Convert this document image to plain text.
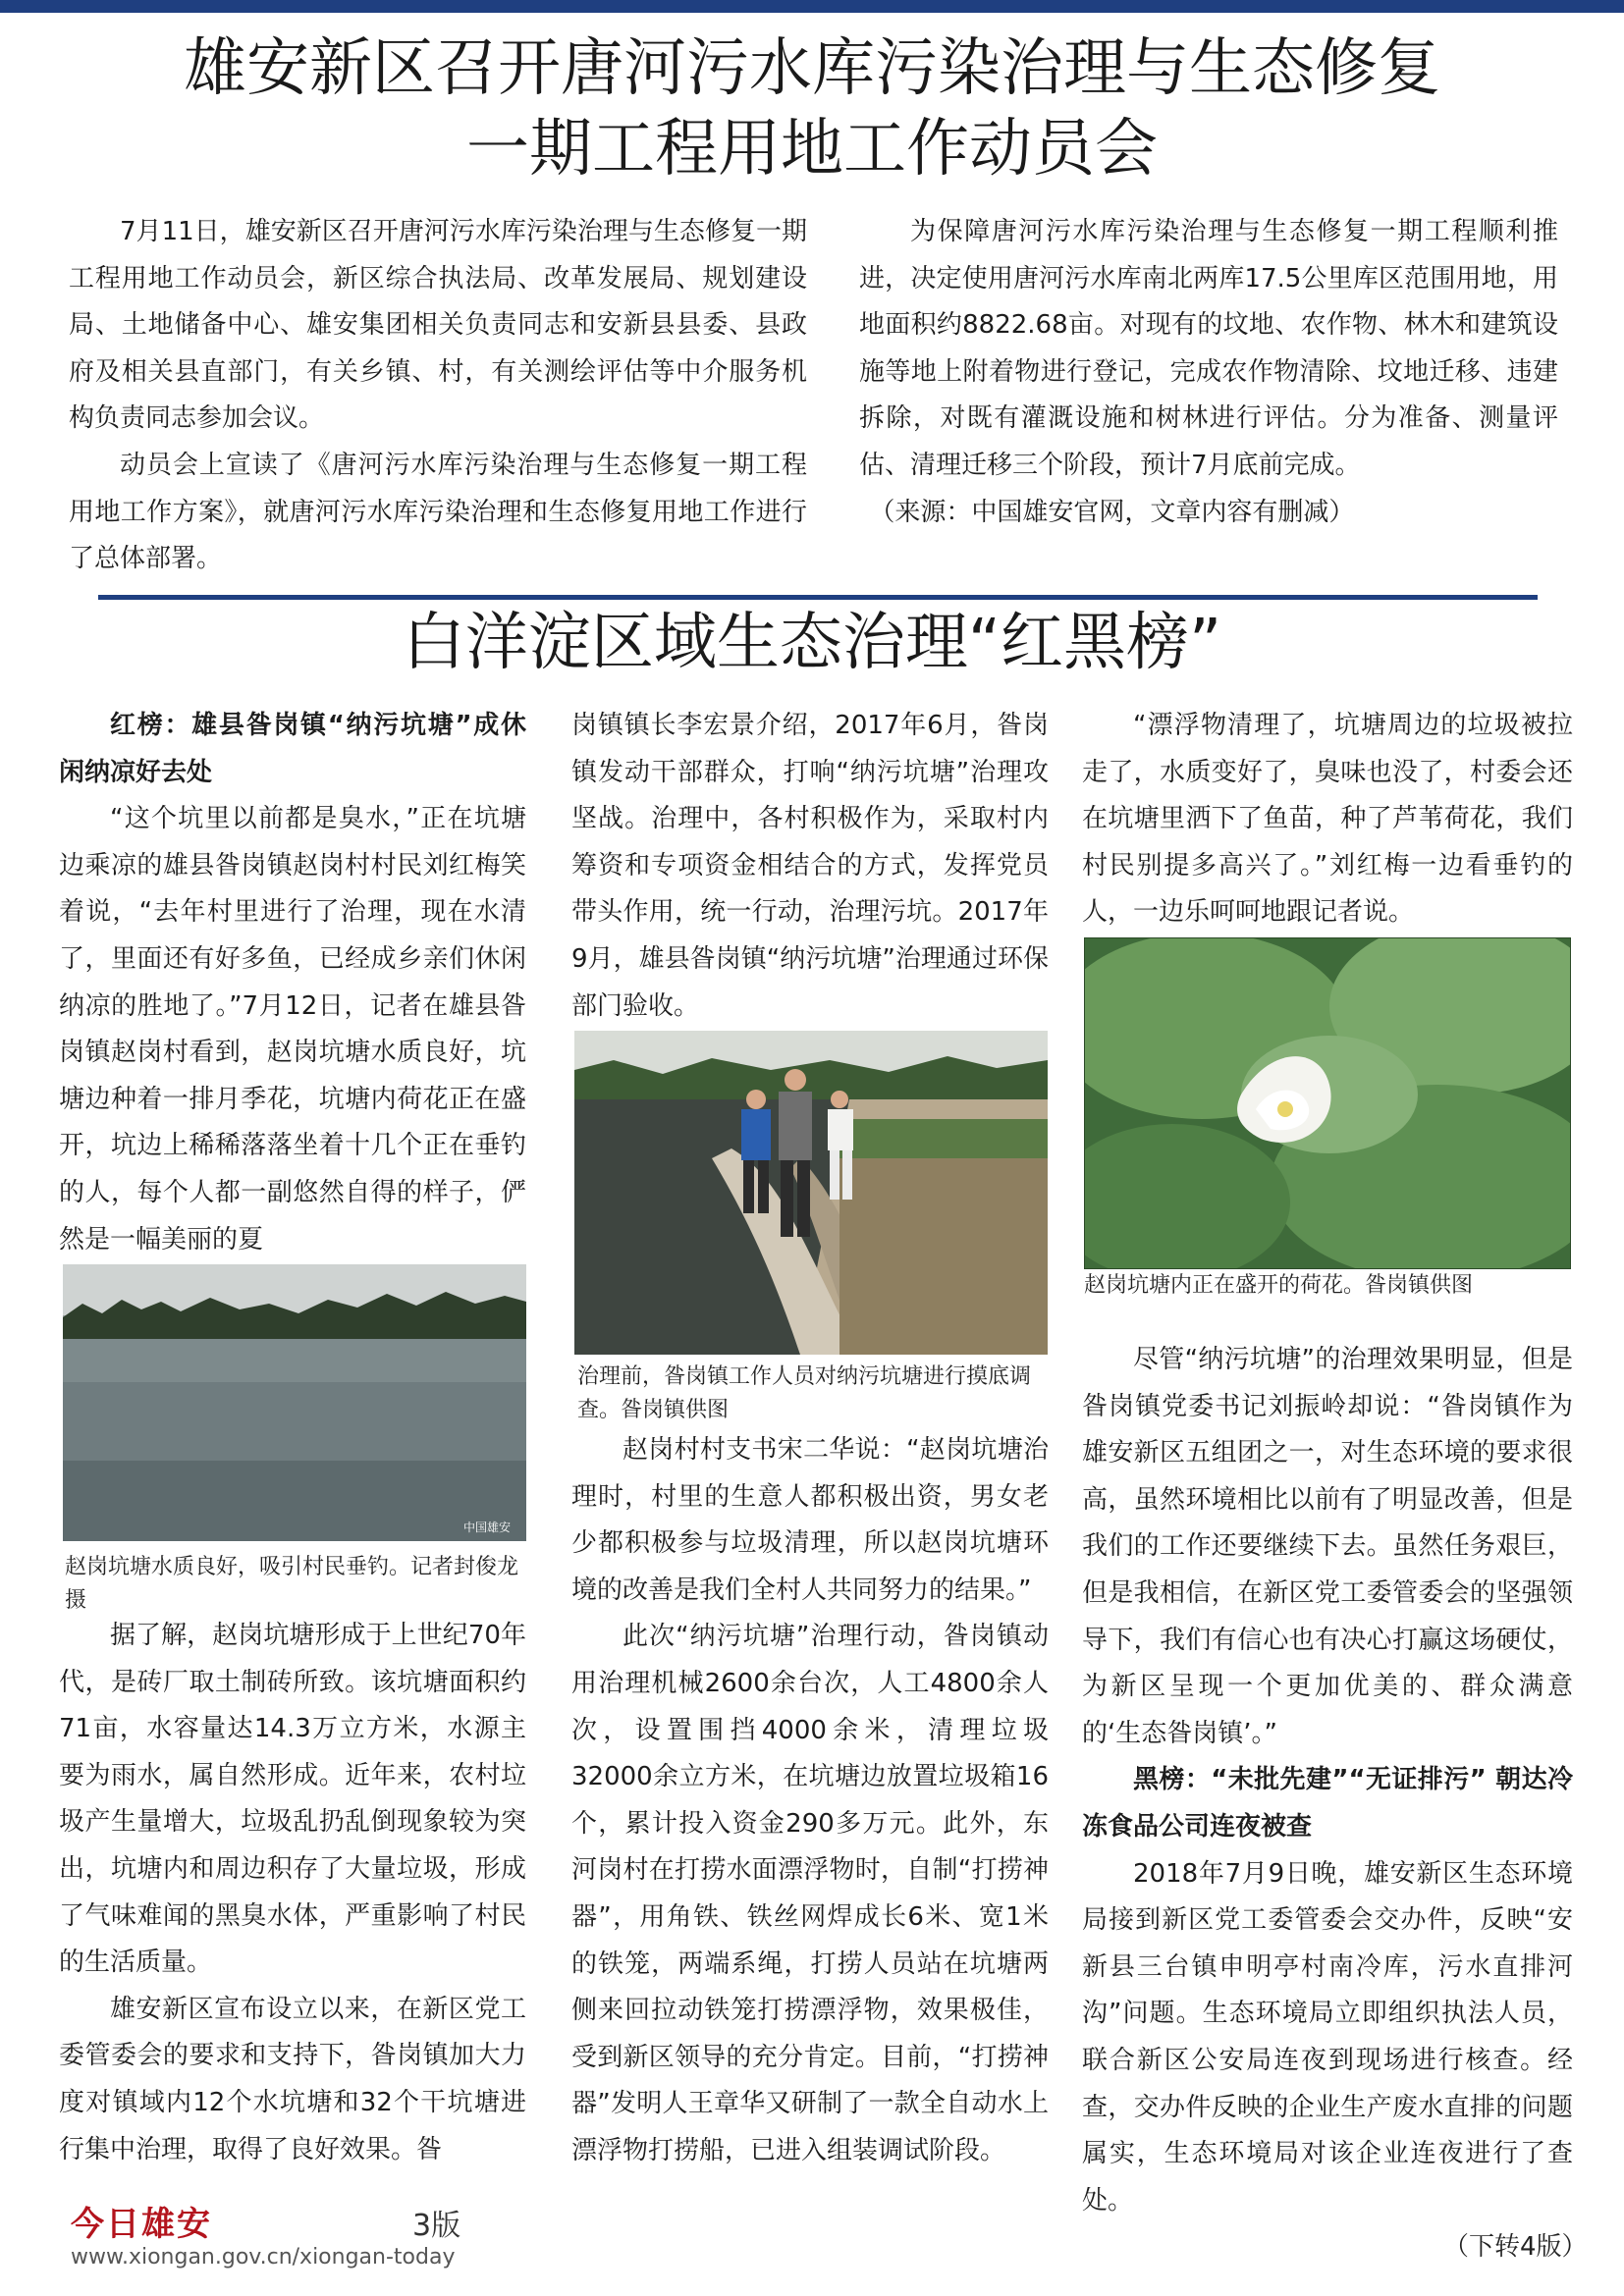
雄安新区召开唐河污水库污染治理与生态修复
一期工程用地工作动员会

7月11日，雄安新区召开唐河污水库污染治理与生态修复一期工程用地工作动员会，新区综合执法局、改革发展局、规划建设局、土地储备中心、雄安集团相关负责同志和安新县县委、县政府及相关县直部门，有关乡镇、村，有关测绘评估等中介服务机构负责同志参加会议。

动员会上宣读了《唐河污水库污染治理与生态修复一期工程用地工作方案》，就唐河污水库污染治理和生态修复用地工作进行了总体部署。

为保障唐河污水库污染治理与生态修复一期工程顺利推进，决定使用唐河污水库南北两库17.5公里库区范围用地，用地面积约8822.68亩。对现有的坟地、农作物、林木和建筑设施等地上附着物进行登记，完成农作物清除、坟地迁移、违建拆除，对既有灌溉设施和树林进行评估。分为准备、测量评估、清理迁移三个阶段，预计7月底前完成。

（来源：中国雄安官网，文章内容有删减）

白洋淀区域生态治理“红黑榜”

红榜：雄县昝岗镇“纳污坑塘”成休闲纳凉好去处

“这个坑里以前都是臭水，”正在坑塘边乘凉的雄县昝岗镇赵岗村村民刘红梅笑着说，“去年村里进行了治理，现在水清了，里面还有好多鱼，已经成乡亲们休闲纳凉的胜地了。”7月12日，记者在雄县昝岗镇赵岗村看到，赵岗坑塘水质良好，坑塘边种着一排月季花，坑塘内荷花正在盛开，坑边上稀稀落落坐着十几个正在垂钓的人，每个人都一副悠然自得的样子，俨然是一幅美丽的夏

中国雄安
赵岗坑塘水质良好，吸引村民垂钓。记者封俊龙 摄

据了解，赵岗坑塘形成于上世纪70年代，是砖厂取土制砖所致。该坑塘面积约71亩，水容量达14.3万立方米，水源主要为雨水，属自然形成。近年来，农村垃圾产生量增大，垃圾乱扔乱倒现象较为突出，坑塘内和周边积存了大量垃圾，形成了气味难闻的黑臭水体，严重影响了村民的生活质量。

雄安新区宣布设立以来，在新区党工委管委会的要求和支持下，昝岗镇加大力度对镇域内12个水坑塘和32个干坑塘进行集中治理，取得了良好效果。昝

岗镇镇长李宏景介绍，2017年6月，昝岗镇发动干部群众，打响“纳污坑塘”治理攻坚战。治理中，各村积极作为，采取村内筹资和专项资金相结合的方式，发挥党员带头作用，统一行动，治理污坑。2017年9月，雄县昝岗镇“纳污坑塘”治理通过环保部门验收。

治理前，昝岗镇工作人员对纳污坑塘进行摸底调查。昝岗镇供图

赵岗村村支书宋二华说：“赵岗坑塘治理时，村里的生意人都积极出资，男女老少都积极参与垃圾清理，所以赵岗坑塘环境的改善是我们全村人共同努力的结果。”

此次“纳污坑塘”治理行动，昝岗镇动用治理机械2600余台次，人工4800余人次，设置围挡4000余米，清理垃圾32000余立方米，在坑塘边放置垃圾箱16个，累计投入资金290多万元。此外，东河岗村在打捞水面漂浮物时，自制“打捞神器”，用角铁、铁丝网焊成长6米、宽1米的铁笼，两端系绳，打捞人员站在坑塘两侧来回拉动铁笼打捞漂浮物，效果极佳，受到新区领导的充分肯定。目前，“打捞神器”发明人王章华又研制了一款全自动水上漂浮物打捞船，已进入组装调试阶段。

“漂浮物清理了，坑塘周边的垃圾被拉走了，水质变好了，臭味也没了，村委会还在坑塘里洒下了鱼苗，种了芦苇荷花，我们村民别提多高兴了。”刘红梅一边看垂钓的人，一边乐呵呵地跟记者说。

赵岗坑塘内正在盛开的荷花。昝岗镇供图

尽管“纳污坑塘”的治理效果明显，但是昝岗镇党委书记刘振岭却说：“昝岗镇作为雄安新区五组团之一，对生态环境的要求很高，虽然环境相比以前有了明显改善，但是我们的工作还要继续下去。虽然任务艰巨，但是我相信，在新区党工委管委会的坚强领导下，我们有信心也有决心打赢这场硬仗，为新区呈现一个更加优美的、群众满意的‘生态昝岗镇’。”

黑榜：“未批先建”“无证排污” 朝达冷冻食品公司连夜被查

2018年7月9日晚，雄安新区生态环境局接到新区党工委管委会交办件，反映“安新县三台镇申明亭村南冷库，污水直排河沟”问题。生态环境局立即组织执法人员，联合新区公安局连夜到现场进行核查。经查，交办件反映的企业生产废水直排的问题属实，生态环境局对该企业连夜进行了查处。

今日雄安	3版
www.xiongan.gov.cn/xiongan-today	（下转4版）
